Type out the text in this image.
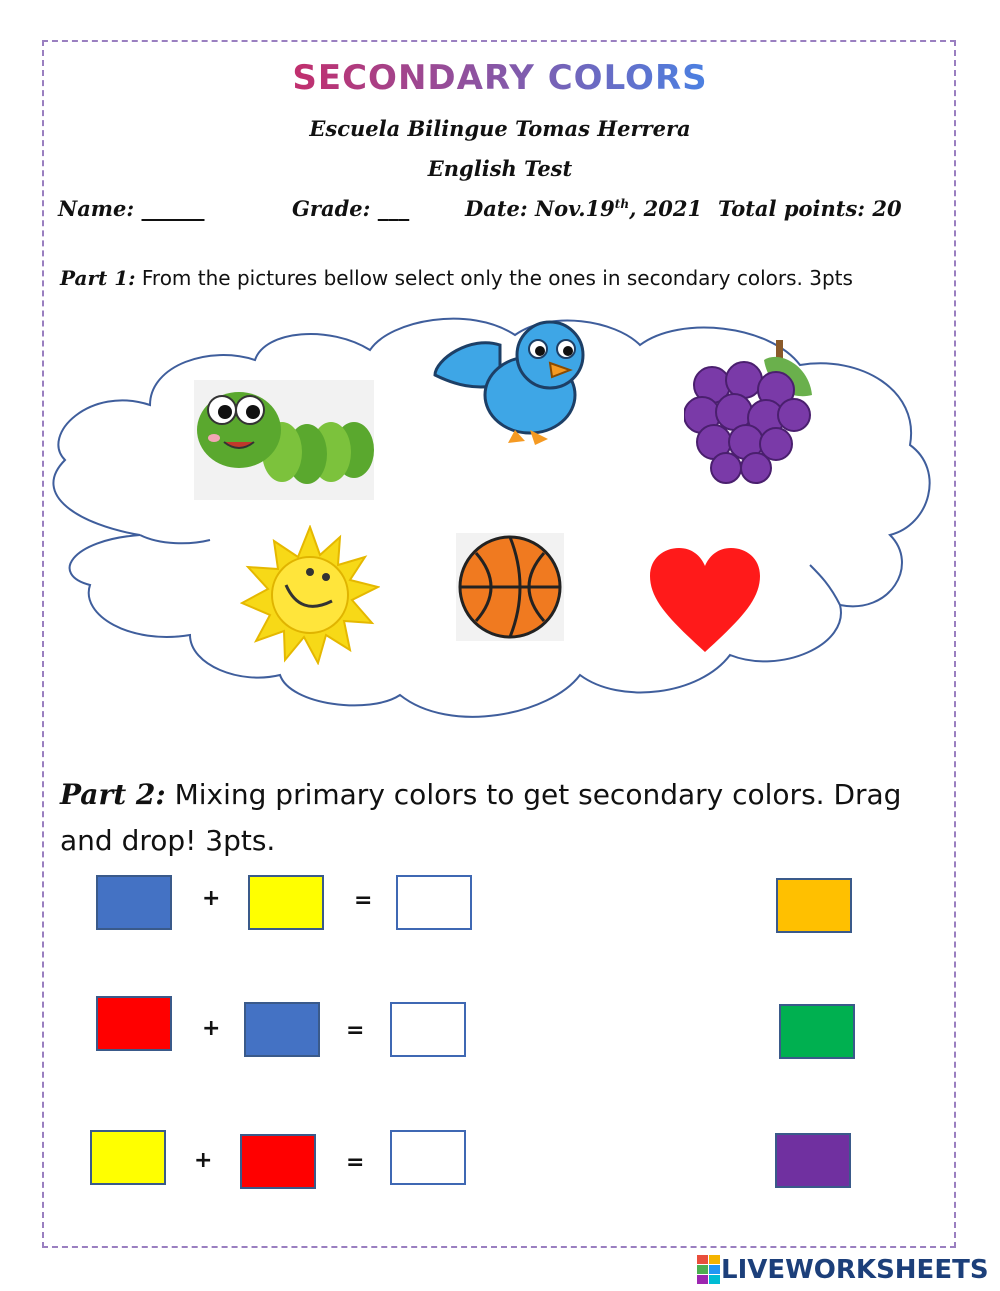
SECONDARY COLORS
Escuela Bilingue Tomas Herrera
English Test
Name: ______	Grade: ___	Date: Nov.19th, 2021 Total points: 20
Part 1: From the pictures bellow select only the ones in secondary colors. 3pts
Part 2: Mixing primary colors to get secondary colors. Drag and drop! 3pts.
+	=
+	=
+	=
LIVEWORKSHEETS
